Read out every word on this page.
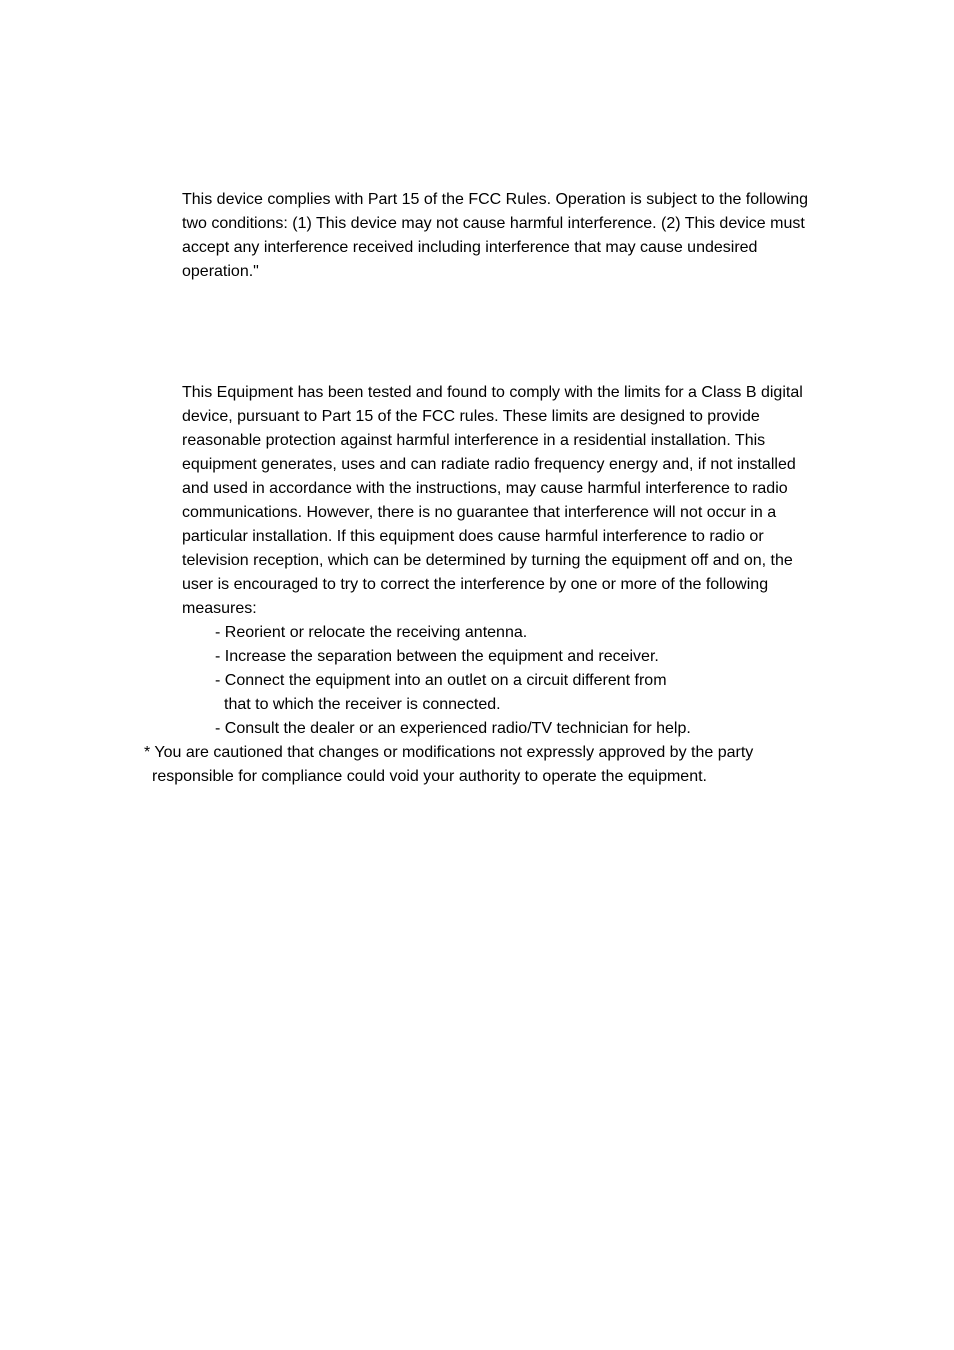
This device complies with Part 15 of the FCC Rules. Operation is subject to the following
two conditions: (1) This device may not cause harmful interference. (2) This device must
accept any interference received including interference that may cause undesired
operation."

This Equipment has been tested and found to comply with the limits for a Class B digital
device, pursuant to Part 15 of the FCC rules. These limits are designed to provide
reasonable protection against harmful interference in a residential installation. This
equipment generates, uses and can radiate radio frequency energy and, if not installed
and used in accordance with the instructions, may cause harmful interference to radio
communications. However, there is no guarantee that interference will not occur in a
particular installation. If this equipment does cause harmful interference to radio or
television reception, which can be determined by turning the equipment off and on, the
user is encouraged to try to correct the interference by one or more of the following
measures:

- Reorient or relocate the receiving antenna.
- Increase the separation between the equipment and receiver.
- Connect the equipment into an outlet on a circuit different from
that to which the receiver is connected.
- Consult the dealer or an experienced radio/TV technician for help.

* You are cautioned that changes or modifications not expressly approved by the party
responsible for compliance could void your authority to operate the equipment.
